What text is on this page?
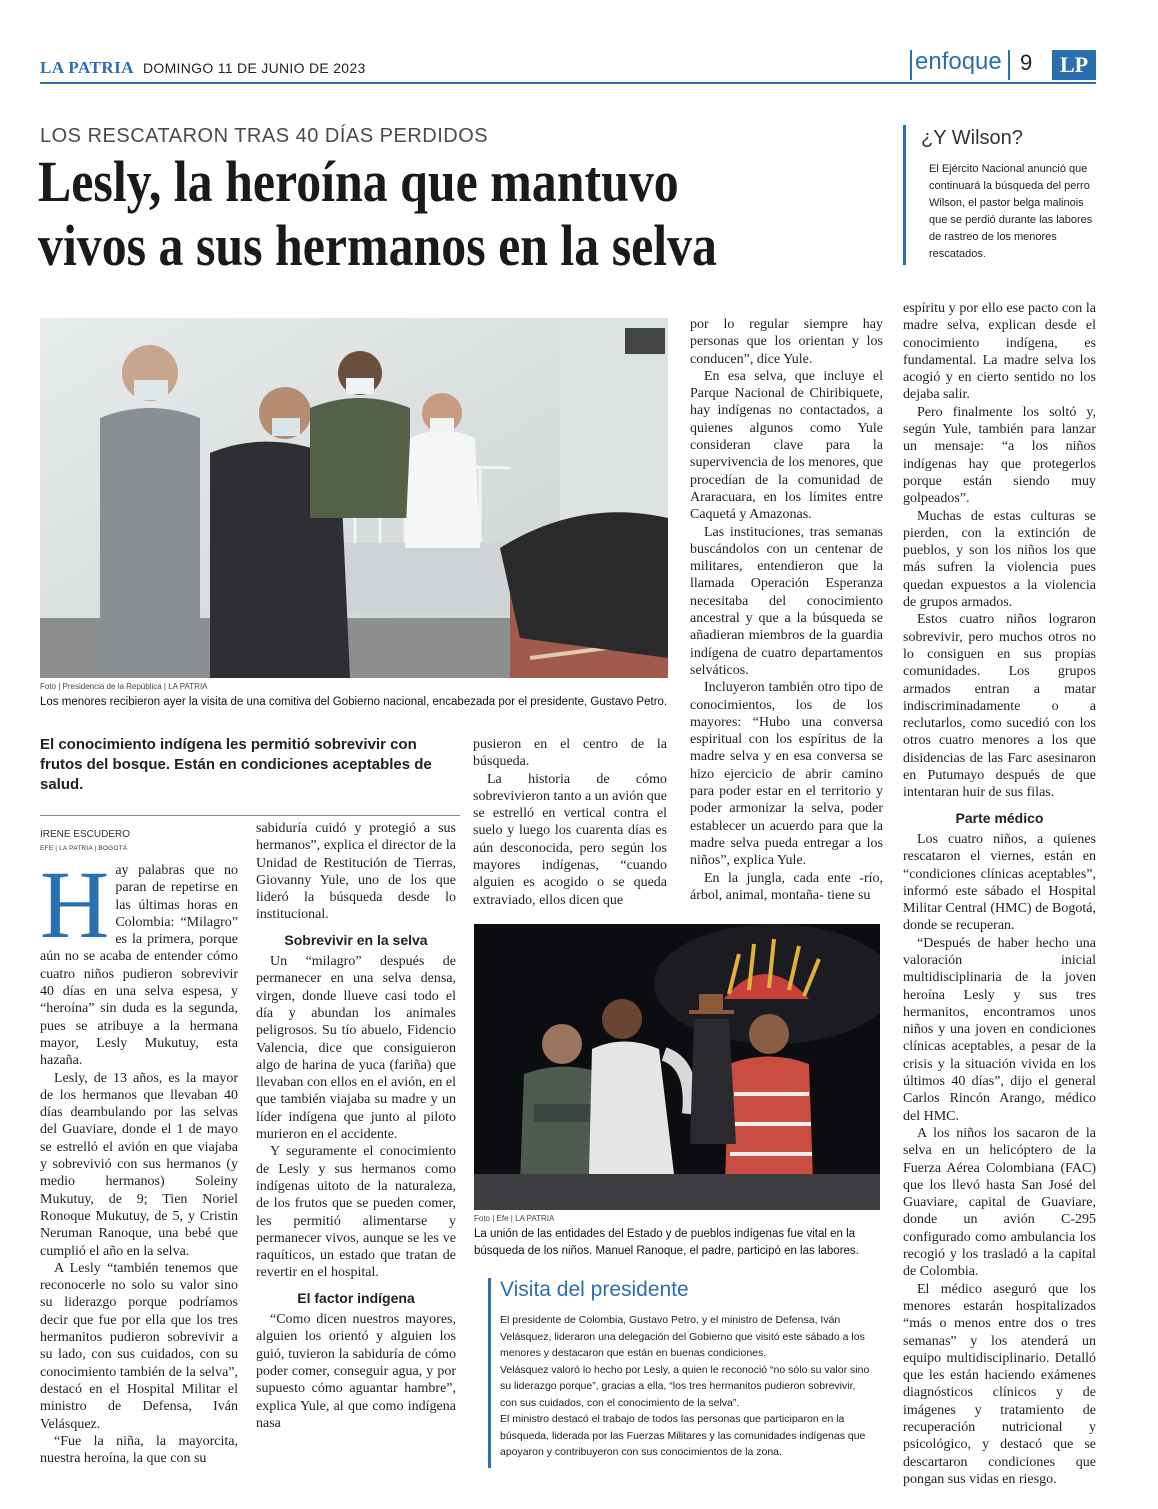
LA PATRIA DOMINGO 11 DE JUNIO DE 2023	enfoque 9	LP
LOS RESCATARON TRAS 40 DÍAS PERDIDOS
Lesly, la heroína que mantuvo
vivos a sus hermanos en la selva
¿Y Wilson?

El Ejército Nacional anunció que continuará la búsqueda del perro Wilson, el pastor belga malinois que se perdió durante las labores de rastreo de los menores rescatados.

Foto | Presidencia de la República | LA PATRIA

Los menores recibieron ayer la visita de una comitiva del Gobierno nacional, encabezada por el presidente, Gustavo Petro.

El conocimiento indígena les permitió sobrevivir con frutos del bosque. Están en condiciones aceptables de salud.

IRENE ESCUDERO
EFE | LA PATRIA | BOGOTÁ

Hay palabras que no paran de repetirse en las últimas horas en Colombia: “Milagro” es la primera, porque aún no se acaba de entender cómo cuatro niños pudieron sobrevivir 40 días en una selva espesa, y “heroína” sin duda es la segunda, pues se atribuye a la hermana mayor, Lesly Mukutuy, esta hazaña.

Lesly, de 13 años, es la mayor de los hermanos que llevaban 40 días deambulando por las selvas del Guaviare, donde el 1 de mayo se estrelló el avión en que viajaba y sobrevivió con sus hermanos (y medio hermanos) Soleiny Mukutuy, de 9; Tien Noriel Ronoque Mukutuy, de 5, y Cristin Neruman Ranoque, una bebé que cumplió el año en la selva.

A Lesly “también tenemos que reconocerle no solo su valor sino su liderazgo porque podríamos decir que fue por ella que los tres hermanitos pudieron sobrevivir a su lado, con sus cuidados, con su conocimiento también de la selva”, destacó en el Hospital Militar el ministro de Defensa, Iván Velásquez.

“Fue la niña, la mayorcita, nuestra heroína, la que con su

sabiduría cuidó y protegió a sus hermanos”, explica el director de la Unidad de Restitución de Tierras, Giovanny Yule, uno de los que lideró la búsqueda desde lo institucional.

Sobrevivir en la selva

Un “milagro” después de permanecer en una selva densa, virgen, donde llueve casi todo el día y abundan los animales peligrosos. Su tío abuelo, Fidencio Valencia, dice que consiguieron algo de harina de yuca (fariña) que llevaban con ellos en el avión, en el que también viajaba su madre y un líder indígena que junto al piloto murieron en el accidente.

Y seguramente el conocimiento de Lesly y sus hermanos como indígenas uitoto de la naturaleza, de los frutos que se pueden comer, les permitió alimentarse y permanecer vivos, aunque se les ve raquíticos, un estado que tratan de revertir en el hospital.

El factor indígena

“Como dicen nuestros mayores, alguien los orientó y alguien los guió, tuvieron la sabiduría de cómo poder comer, conseguir agua, y por supuesto cómo aguantar hambre”, explica Yule, al que como indígena nasa

pusieron en el centro de la búsqueda.

La historia de cómo sobrevivieron tanto a un avión que se estrelló en vertical contra el suelo y luego los cuarenta días es aún desconocida, pero según los mayores indígenas, “cuando alguien es acogido o se queda extraviado, ellos dicen que

por lo regular siempre hay personas que los orientan y los conducen”, dice Yule.

En esa selva, que incluye el Parque Nacional de Chiribiquete, hay indígenas no contactados, a quienes algunos como Yule consideran clave para la supervivencia de los menores, que procedían de la comunidad de Araracuara, en los límites entre Caquetá y Amazonas.

Las instituciones, tras semanas buscándolos con un centenar de militares, entendieron que la llamada Operación Esperanza necesitaba del conocimiento ancestral y que a la búsqueda se añadieran miembros de la guardia indígena de cuatro departamentos selváticos.

Incluyeron también otro tipo de conocimientos, los de los mayores: “Hubo una conversa espiritual con los espíritus de la madre selva y en esa conversa se hizo ejercicio de abrir camino para poder estar en el territorio y poder armonizar la selva, poder establecer un acuerdo para que la madre selva pueda entregar a los niños”, explica Yule.

En la jungla, cada ente -río, árbol, animal, montaña- tiene su

espíritu y por ello ese pacto con la madre selva, explican desde el conocimiento indígena, es fundamental. La madre selva los acogió y en cierto sentido no los dejaba salir.

Pero finalmente los soltó y, según Yule, también para lanzar un mensaje: “a los niños indígenas hay que protegerlos porque están siendo muy golpeados”.

Muchas de estas culturas se pierden, con la extinción de pueblos, y son los niños los que más sufren la violencia pues quedan expuestos a la violencia de grupos armados.

Estos cuatro niños lograron sobrevivir, pero muchos otros no lo consiguen en sus propias comunidades. Los grupos armados entran a matar indiscriminadamente o a reclutarlos, como sucedió con los otros cuatro menores a los que disidencias de las Farc asesinaron en Putumayo después de que intentaran huir de sus filas.

Parte médico

Los cuatro niños, a quienes rescataron el viernes, están en “condiciones clínicas aceptables”, informó este sábado el Hospital Militar Central (HMC) de Bogotá, donde se recuperan.

“Después de haber hecho una valoración inicial multidisciplinaria de la joven heroína Lesly y sus tres hermanitos, encontramos unos niños y una joven en condiciones clínicas aceptables, a pesar de la crisis y la situación vivida en los últimos 40 días”, dijo el general Carlos Rincón Arango, médico del HMC.

A los niños los sacaron de la selva en un helicóptero de la Fuerza Aérea Colombiana (FAC) que los llevó hasta San José del Guaviare, capital de Guaviare, donde un avión C-295 configurado como ambulancia los recogió y los trasladó a la capital de Colombia.

El médico aseguró que los menores estarán hospitalizados “más o menos entre dos o tres semanas” y los atenderá un equipo multidisciplinario. Detalló que les están haciendo exámenes diagnósticos clínicos y de imágenes y tratamiento de recuperación nutricional y psicológico, y destacó que se descartaron condiciones que pongan sus vidas en riesgo.

Foto | Efe | LA PATRIA

La unión de las entidades del Estado y de pueblos indígenas fue vital en la búsqueda de los niños. Manuel Ranoque, el padre, participó en las labores.

Visita del presidente

El presidente de Colombia, Gustavo Petro, y el ministro de Defensa, Iván Velásquez, lideraron una delegación del Gobierno que visitó este sábado a los menores y destacaron que están en buenas condiciones.

Velásquez valoró lo hecho por Lesly, a quien le reconoció “no sólo su valor sino su liderazgo porque”, gracias a ella, “los tres hermanitos pudieron sobrevivir, con sus cuidados, con el conocimiento de la selva”.

El ministro destacó el trabajo de todos las personas que participaron en la búsqueda, liderada por las Fuerzas Militares y las comunidades indígenas que apoyaron y contribuyeron con sus conocimientos de la zona.
